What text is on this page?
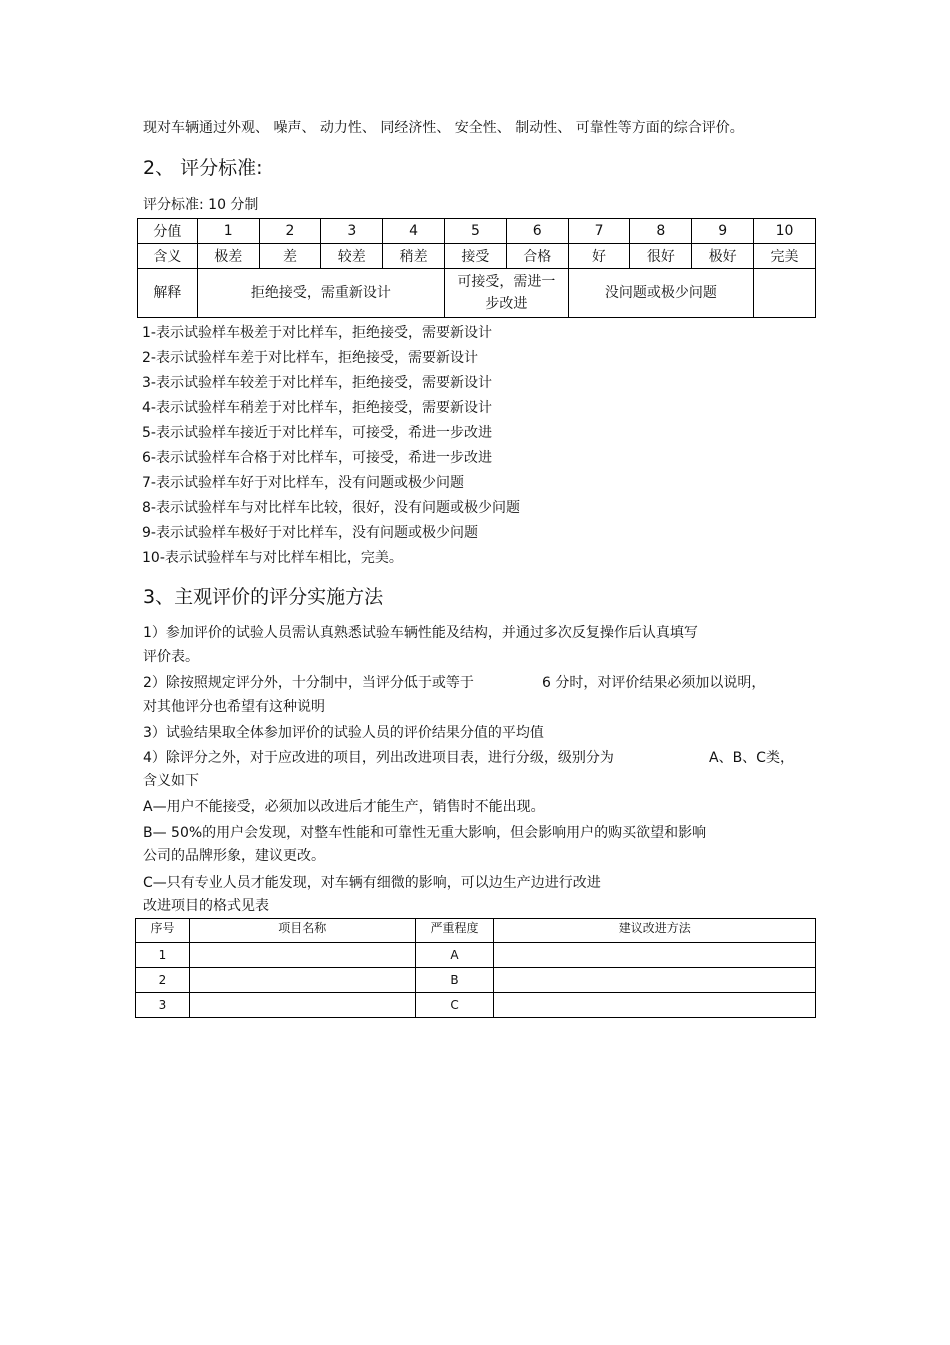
现对车辆通过外观、 噪声、 动力性、 同经济性、 安全性、 制动性、 可靠性等方面的综合评价。
2、 评分标准:
评分标准: 10 分制
分值	1	2	3	4	5	6	7	8	9	10
含义	极差	差	较差	稍差	接受	合格	好	很好	极好	完美
解释	拒绝接受，需重新设计				可接受，需进一步改进		没问题或极少问题			
1-表示试验样车极差于对比样车，拒绝接受，需要新设计
2-表示试验样车差于对比样车，拒绝接受，需要新设计
3-表示试验样车较差于对比样车，拒绝接受，需要新设计
4-表示试验样车稍差于对比样车，拒绝接受，需要新设计
5-表示试验样车接近于对比样车，可接受，希进一步改进
6-表示试验样车合格于对比样车，可接受，希进一步改进
7-表示试验样车好于对比样车，没有问题或极少问题
8-表示试验样车与对比样车比较，很好，没有问题或极少问题
9-表示试验样车极好于对比样车，没有问题或极少问题
10-表示试验样车与对比样车相比，完美。
3、主观评价的评分实施方法
1）参加评价的试验人员需认真熟悉试验车辆性能及结构，并通过多次反复操作后认真填写
评价表。
2）除按照规定评分外，十分制中，当评分低于或等于	6 分时，对评价结果必须加以说明，
对其他评分也希望有这种说明
3）试验结果取全体参加评价的试验人员的评价结果分值的平均值
4）除评分之外，对于应改进的项目，列出改进项目表，进行分级，级别分为	A、B、C类，
含义如下
A—用户不能接受，必须加以改进后才能生产，销售时不能出现。
B— 50%的用户会发现，对整车性能和可靠性无重大影响，但会影响用户的购买欲望和影响
公司的品牌形象，建议更改。
C—只有专业人员才能发现，对车辆有细微的影响，可以边生产边进行改进
改进项目的格式见表
序号	项目名称	严重程度	建议改进方法
1		A	
2		B	
3		C	
